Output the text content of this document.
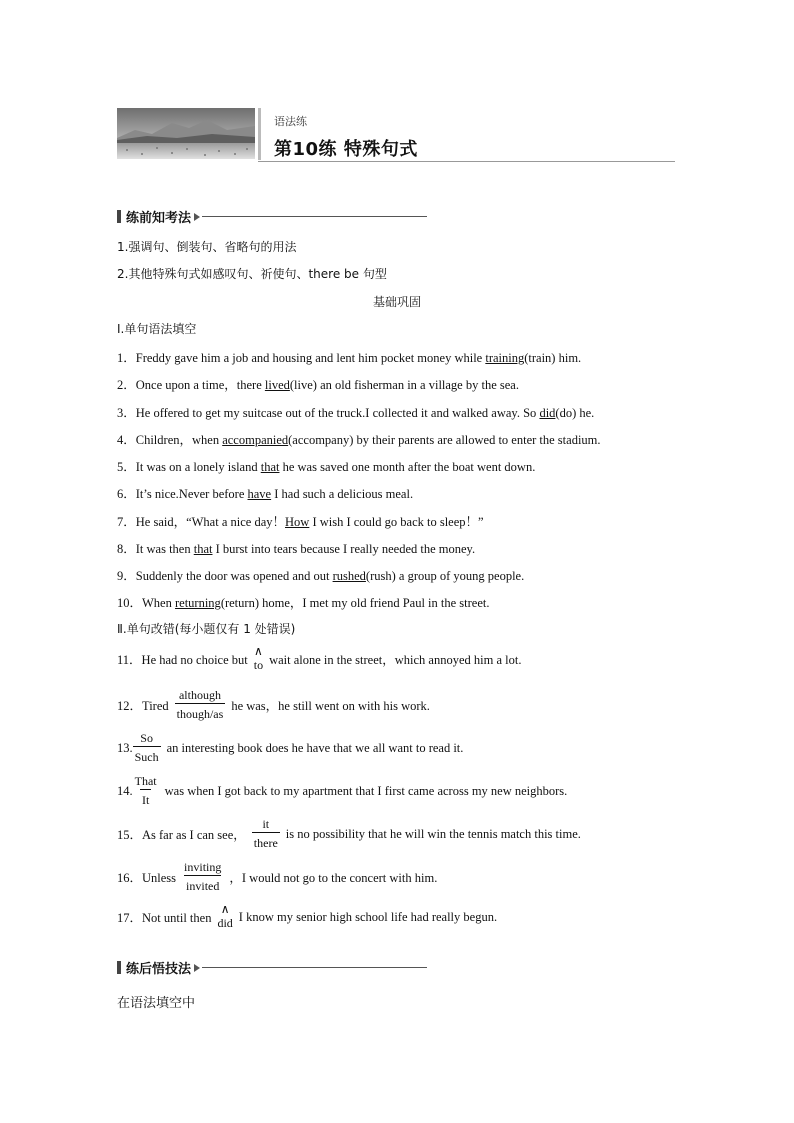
语法练
第10练 特殊句式
练前知考法
1.强调句、倒装句、省略句的用法
2.其他特殊句式如感叹句、祈使句、there be 句型
基础巩固
Ⅰ.单句语法填空
1．Freddy gave him a job and housing and lent him pocket money while training(train) him.
2．Once upon a time，there lived(live) an old fisherman in a village by the sea.
3．He offered to get my suitcase out of the truck.I collected it and walked away. So did(do) he.
4．Children，when accompanied(accompany) by their parents are allowed to enter the stadium.
5．It was on a lonely island that he was saved one month after the boat went down.
6．It’s nice.Never before have I had such a delicious meal.
7．He said，“What a nice day！How I wish I could go back to sleep！”
8．It was then that I burst into tears because I really needed the money.
9．Suddenly the door was opened and out rushed(rush) a group of young people.
10．When returning(return) home，I met my old friend Paul in the street.
Ⅱ.单句改错(每小题仅有 1 处错误)
11．He had no choice but
∧
to wait alone in the street，which annoyed him a lot.
12．Tired
although
though/as
he was，he still went on with his work.
13.
So
Such
an interesting book does he have that we all want to read it.
14.
That
It
was when I got back to my apartment that I first came across my new neighbors.
15．As far as I can see，
it
there
is no possibility that he will win the tennis match this time.
16．Unless
inviting
invited
，I would not go to the concert with him.
17．Not until then
∧
did I know my senior high school life had really begun.
练后悟技法
在语法填空中
